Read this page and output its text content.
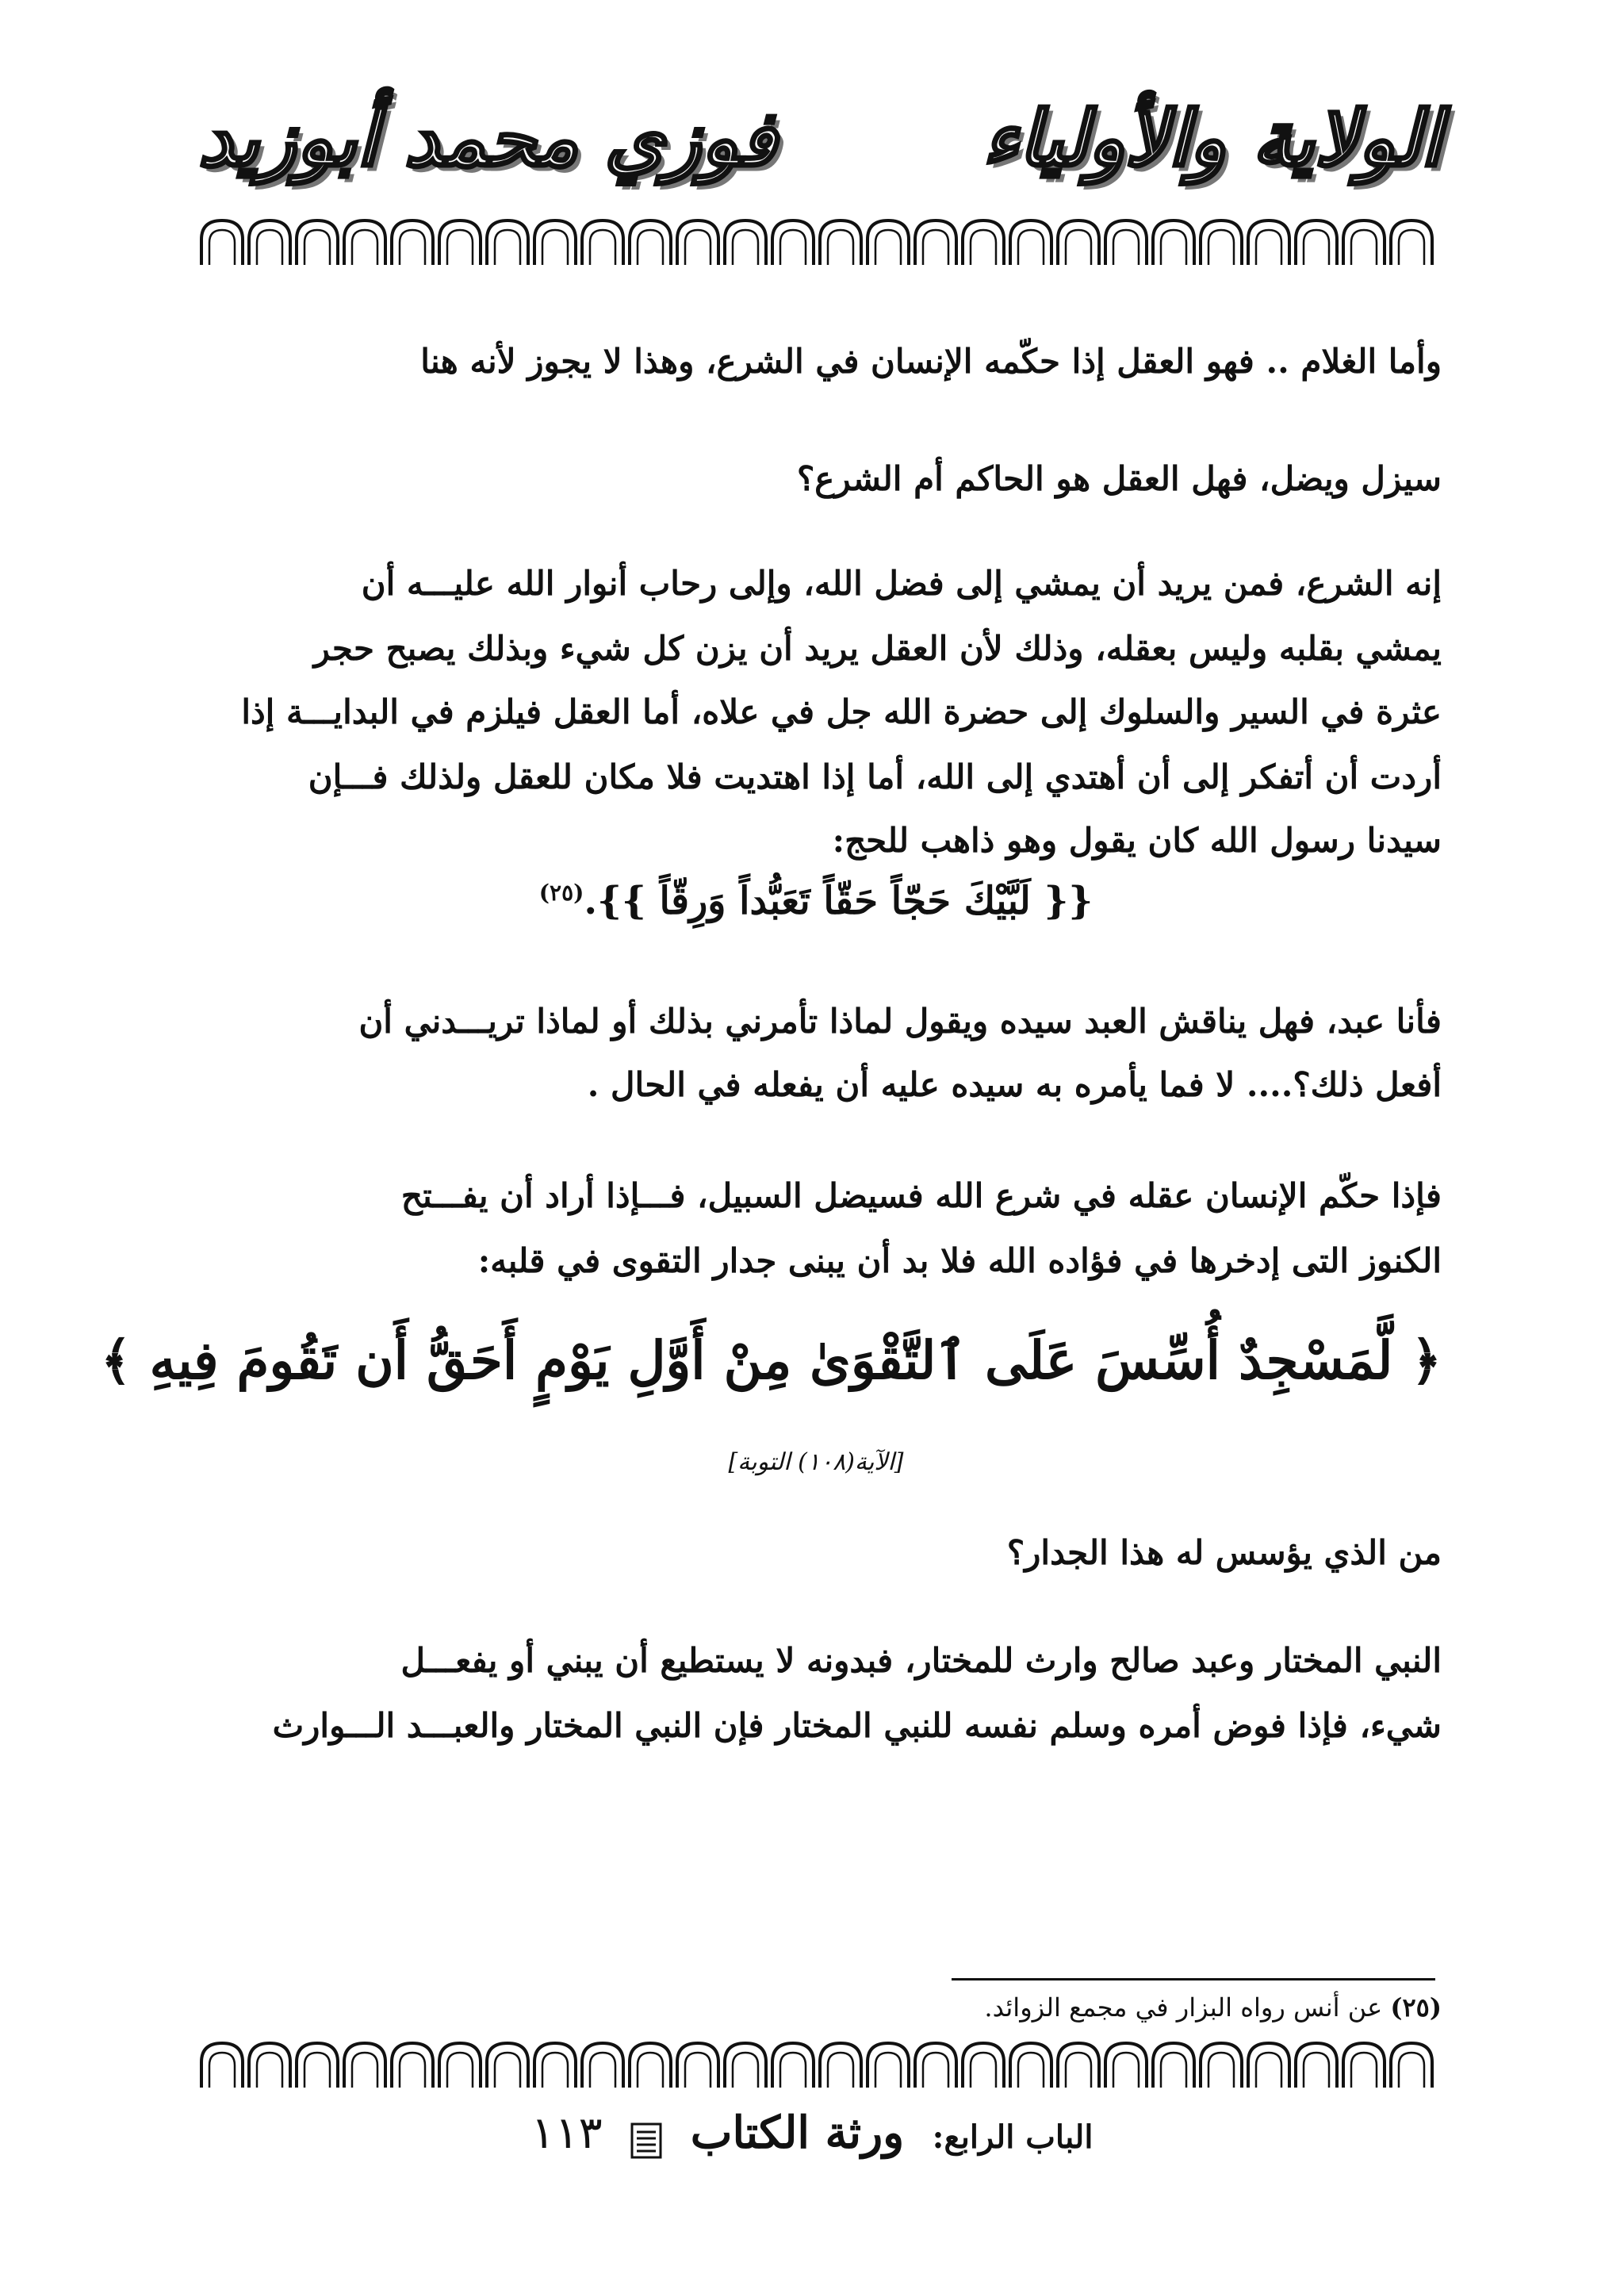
الولاية والأولياء
فوزي محمد أبوزيد
وأما الغلام .. فهو العقل إذا حكّمه الإنسان في الشرع، وهذا لا يجوز لأنه هنا
سيزل ويضل، فهل العقل هو الحاكم أم الشرع؟
إنه الشرع، فمن يريد أن يمشي إلى فضل الله، وإلى رحاب أنوار الله عليـــه أن
يمشي بقلبه وليس بعقله، وذلك لأن العقل يريد أن يزن كل شيء وبذلك يصبح حجر
عثرة في السير والسلوك إلى حضرة الله جل في علاه، أما العقل فيلزم في البدايـــة إذا
أردت أن أتفكر إلى أن أهتدي إلى الله، أما إذا اهتديت فلا مكان للعقل ولذلك فـــإن
سيدنا رسول الله كان يقول وهو ذاهب للحج:
{{ لَبَّيْكَ حَجّاً حَقّاً تَعَبُّداً وَرِقّاً }}.$^{(٢٥)}$
فأنا عبد، فهل يناقش العبد سيده ويقول لماذا تأمرني بذلك أو لماذا تريـــدني أن
أفعل ذلك؟.... لا فما يأمره به سيده عليه أن يفعله في الحال .
فإذا حكّم الإنسان عقله في شرع الله فسيضل السبيل، فـــإذا أراد أن يفـــتح
الكنوز التى إدخرها في فؤاده الله فلا بد أن يبنى جدار التقوى في قلبه:
﴿ لَّمَسْجِدٌ أُسِّسَ عَلَى ٱلتَّقْوَىٰ مِنْ أَوَّلِ يَوْمٍ أَحَقُّ أَن تَقُومَ فِيهِ ﴾
[الآية(١٠٨) التوبة]
من الذي يؤسس له هذا الجدار؟
النبي المختار وعبد صالح وارث للمختار، فبدونه لا يستطيع أن يبني أو يفعـــل
شيء، فإذا فوض أمره وسلم نفسه للنبي المختار فإن النبي المختار والعبـــد الـــوارث
(٢٥) عن أنس رواه البزار في مجمع الزوائد.
الباب الرابع: ورثة الكتاب  ١١٣
